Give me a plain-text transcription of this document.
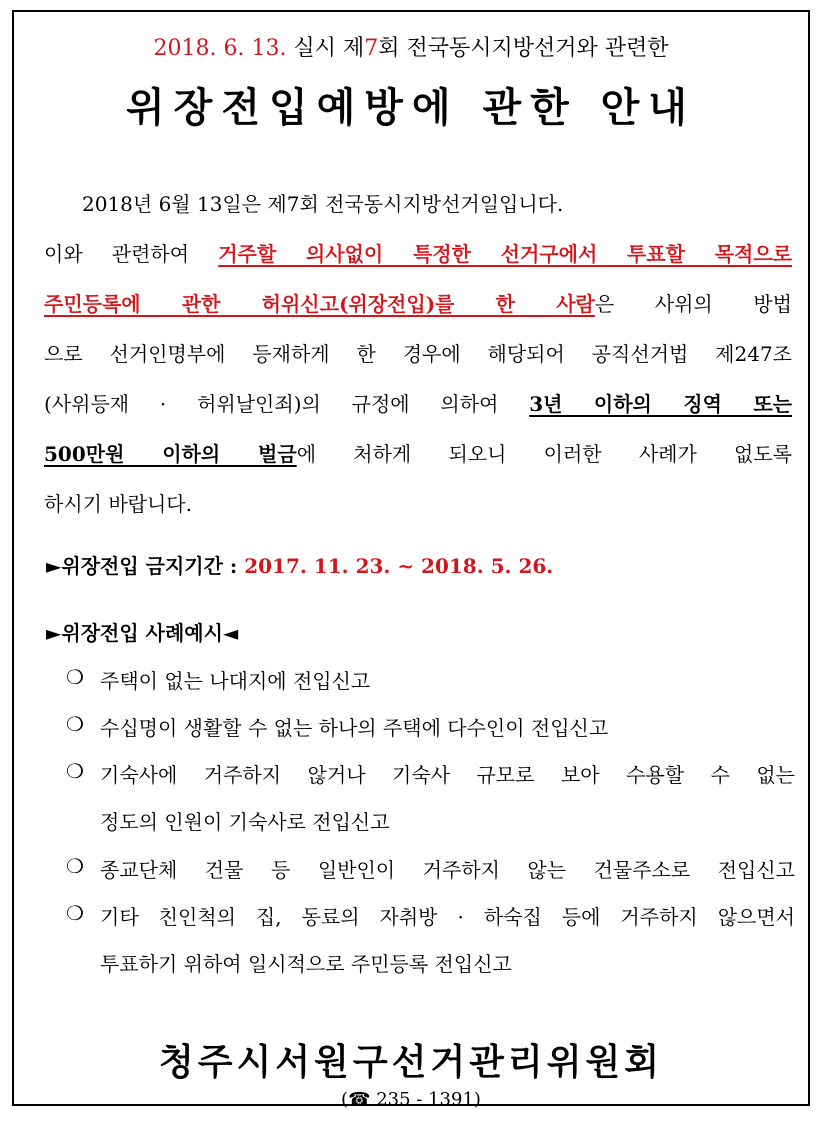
2018. 6. 13. 실시 제7회 전국동시지방선거와 관련한
위장전입예방에 관한 안내
2018년 6월 13일은 제7회 전국동시지방선거일입니다.
이와 관련하여 거주할 의사없이 특정한 선거구에서 투표할 목적으로
주민등록에 관한 허위신고(위장전입)를 한 사람은 사위의 방법
으로 선거인명부에 등재하게 한 경우에 해당되어 공직선거법 제247조
(사위등재 · 허위날인죄)의 규정에 의하여 3년 이하의 징역 또는
500만원 이하의 벌금에 처하게 되오니 이러한 사례가 없도록
하시기 바랍니다.
►위장전입 금지기간 : 2017. 11. 23. ~ 2018. 5. 26.
►위장전입 사례예시◄
❍ 주택이 없는 나대지에 전입신고
❍ 수십명이 생활할 수 없는 하나의 주택에 다수인이 전입신고
❍ 기숙사에 거주하지 않거나 기숙사 규모로 보아 수용할 수 없는
정도의 인원이 기숙사로 전입신고
❍ 종교단체 건물 등 일반인이 거주하지 않는 건물주소로 전입신고
❍ 기타 친인척의 집, 동료의 자취방 · 하숙집 등에 거주하지 않으면서
투표하기 위하여 일시적으로 주민등록 전입신고
청주시서원구선거관리위원회
(☎ 235 - 1391)
